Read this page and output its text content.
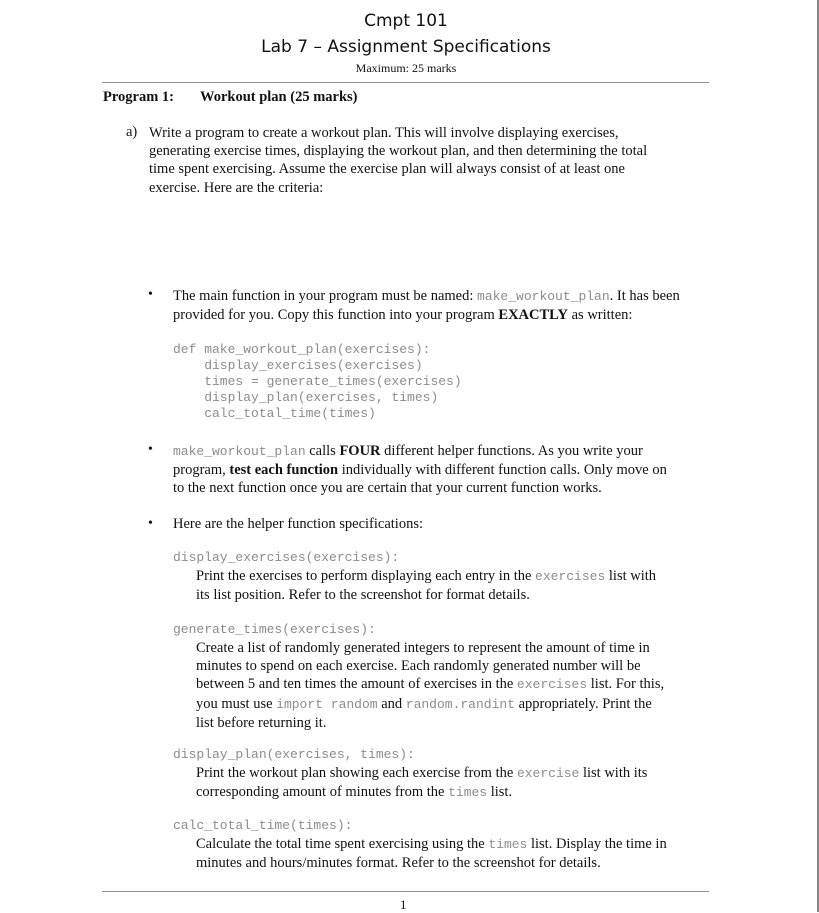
Cmpt 101
Lab 7 – Assignment Specifications
Maximum: 25 marks
Program 1: Workout plan (25 marks)
a) Write a program to create a workout plan. This will involve displaying exercises,
generating exercise times, displaying the workout plan, and then determining the total
time spent exercising. Assume the exercise plan will always consist of at least one
exercise. Here are the criteria:
• The main function in your program must be named: make_workout_plan. It has been
provided for you. Copy this function into your program EXACTLY as written:
def make_workout_plan(exercises):
display_exercises(exercises)
times = generate_times(exercises)
display_plan(exercises, times)
calc_total_time(times)
• make_workout_plan calls FOUR different helper functions. As you write your
program, test each function individually with different function calls. Only move on
to the next function once you are certain that your current function works.
• Here are the helper function specifications:
display_exercises(exercises):
Print the exercises to perform displaying each entry in the exercises list with
its list position. Refer to the screenshot for format details.
generate_times(exercises):
Create a list of randomly generated integers to represent the amount of time in
minutes to spend on each exercise. Each randomly generated number will be
between 5 and ten times the amount of exercises in the exercises list. For this,
you must use import random and random.randint appropriately. Print the
list before returning it.
display_plan(exercises, times):
Print the workout plan showing each exercise from the exercise list with its
corresponding amount of minutes from the times list.
calc_total_time(times):
Calculate the total time spent exercising using the times list. Display the time in
minutes and hours/minutes format. Refer to the screenshot for details.
1
